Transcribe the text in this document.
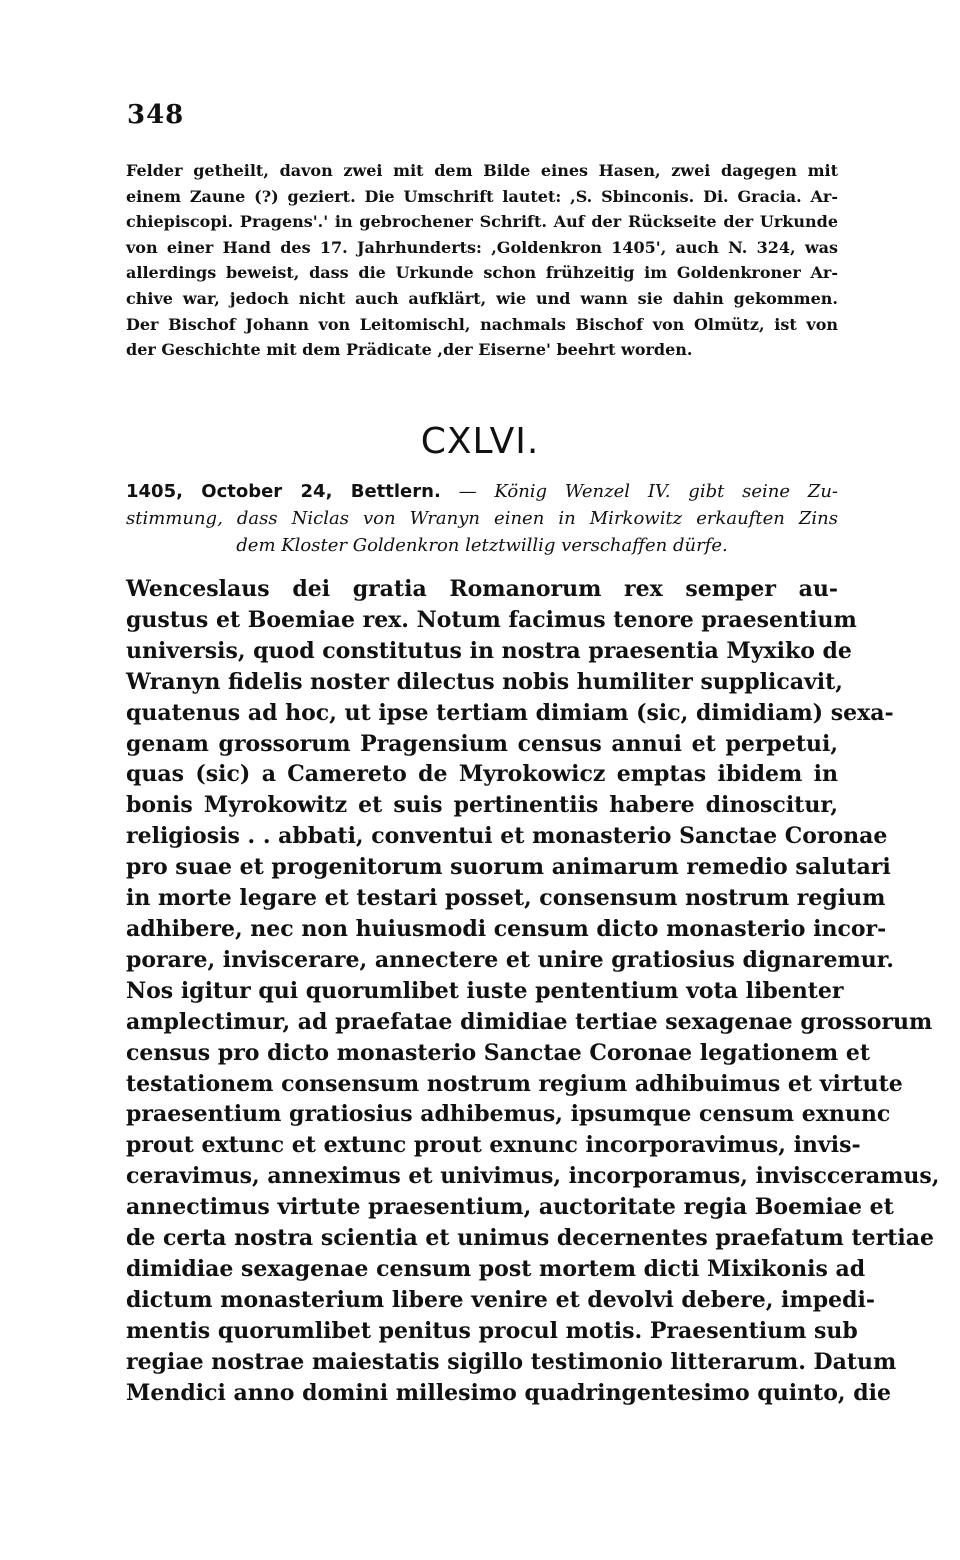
348
Felder getheilt, davon zwei mit dem Bilde eines Hasen, zwei dagegen mit
einem Zaune (?) geziert. Die Umschrift lautet: ,S. Sbinconis. Di. Gracia. Ar-
chiepiscopi. Pragens'.' in gebrochener Schrift. Auf der Rückseite der Urkunde
von einer Hand des 17. Jahrhunderts: ,Goldenkron 1405', auch N. 324, was
allerdings beweist, dass die Urkunde schon frühzeitig im Goldenkroner Ar-
chive war, jedoch nicht auch aufklärt, wie und wann sie dahin gekommen.
Der Bischof Johann von Leitomischl, nachmals Bischof von Olmütz, ist von
der Geschichte mit dem Prädicate ,der Eiserne' beehrt worden.
CXLVI.
1405, October 24, Bettlern. — König Wenzel IV. gibt seine Zu-
stimmung, dass Niclas von Wranyn einen in Mirkowitz erkauften Zins
dem Kloster Goldenkron letztwillig verschaffen dürfe.
Wenceslaus dei gratia Romanorum rex semper au-
gustus et Boemiae rex. Notum facimus tenore praesentium
universis, quod constitutus in nostra praesentia Myxiko de
Wranyn fidelis noster dilectus nobis humiliter supplicavit,
quatenus ad hoc, ut ipse tertiam dimiam (sic, dimidiam) sexa-
genam grossorum Pragensium census annui et perpetui,
quas (sic) a Camereto de Myrokowicz emptas ibidem in
bonis Myrokowitz et suis pertinentiis habere dinoscitur,
religiosis . . abbati, conventui et monasterio Sanctae Coronae
pro suae et progenitorum suorum animarum remedio salutari
in morte legare et testari posset, consensum nostrum regium
adhibere, nec non huiusmodi censum dicto monasterio incor-
porare, inviscerare, annectere et unire gratiosius dignaremur.
Nos igitur qui quorumlibet iuste pententium vota libenter
amplectimur, ad praefatae dimidiae tertiae sexagenae grossorum
census pro dicto monasterio Sanctae Coronae legationem et
testationem consensum nostrum regium adhibuimus et virtute
praesentium gratiosius adhibemus, ipsumque censum exnunc
prout extunc et extunc prout exnunc incorporavimus, invis-
ceravimus, anneximus et univimus, incorporamus, inviscceramus,
annectimus virtute praesentium, auctoritate regia Boemiae et
de certa nostra scientia et unimus decernentes praefatum tertiae
dimidiae sexagenae censum post mortem dicti Mixikonis ad
dictum monasterium libere venire et devolvi debere, impedi-
mentis quorumlibet penitus procul motis. Praesentium sub
regiae nostrae maiestatis sigillo testimonio litterarum. Datum
Mendici anno domini millesimo quadringentesimo quinto, die
